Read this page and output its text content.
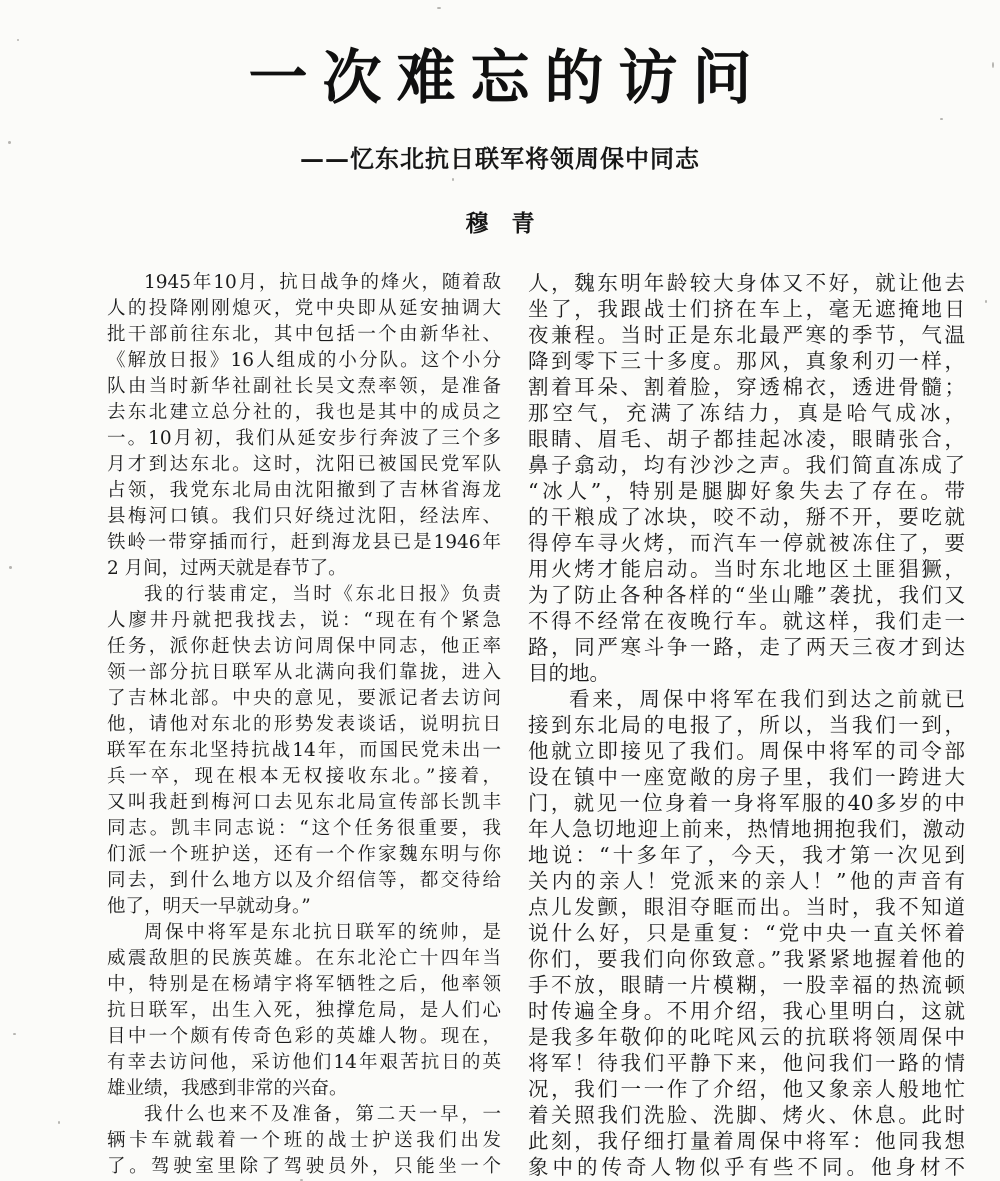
一次难忘的访问
——忆东北抗日联军将领周保中同志
穆　青
1945年10月，抗日战争的烽火，随着敌
人的投降刚刚熄灭，党中央即从延安抽调大
批干部前往东北，其中包括一个由新华社、
《解放日报》16人组成的小分队。这个小分
队由当时新华社副社长吴文焘率领，是准备
去东北建立总分社的，我也是其中的成员之
一。10月初，我们从延安步行奔波了三个多
月才到达东北。这时，沈阳已被国民党军队
占领，我党东北局由沈阳撤到了吉林省海龙
县梅河口镇。我们只好绕过沈阳，经法库、
铁岭一带穿插而行，赶到海龙县已是1946年
2 月间，过两天就是春节了。
我的行装甫定，当时《东北日报》负责
人廖井丹就把我找去，说：“现在有个紧急
任务，派你赶快去访问周保中同志，他正率
领一部分抗日联军从北满向我们靠拢，进入
了吉林北部。中央的意见，要派记者去访问
他，请他对东北的形势发表谈话，说明抗日
联军在东北坚持抗战14年，而国民党未出一
兵一卒，现在根本无权接收东北。”接着，
又叫我赶到梅河口去见东北局宣传部长凯丰
同志。凯丰同志说：“这个任务很重要，我
们派一个班护送，还有一个作家魏东明与你
同去，到什么地方以及介绍信等，都交待给
他了，明天一早就动身。”
周保中将军是东北抗日联军的统帅，是
威震敌胆的民族英雄。在东北沦亡十四年当
中，特别是在杨靖宇将军牺牲之后，他率领
抗日联军，出生入死，独撑危局，是人们心
目中一个颇有传奇色彩的英雄人物。现在，
有幸去访问他，采访他们14年艰苦抗日的英
雄业绩，我感到非常的兴奋。
我什么也来不及准备，第二天一早，一
辆卡车就载着一个班的战士护送我们出发
了。驾驶室里除了驾驶员外，只能坐一个
人，魏东明年龄较大身体又不好，就让他去
坐了，我跟战士们挤在车上，毫无遮掩地日
夜兼程。当时正是东北最严寒的季节，气温
降到零下三十多度。那风，真象利刃一样，
割着耳朵、割着脸，穿透棉衣，透进骨髓；
那空气，充满了冻结力，真是哈气成冰，
眼睛、眉毛、胡子都挂起冰凌，眼睛张合，
鼻子翕动，均有沙沙之声。我们简直冻成了
“冰人”，特别是腿脚好象失去了存在。带
的干粮成了冰块，咬不动，掰不开，要吃就
得停车寻火烤，而汽车一停就被冻住了，要
用火烤才能启动。当时东北地区土匪猖獗，
为了防止各种各样的“坐山雕”袭扰，我们又
不得不经常在夜晚行车。就这样，我们走一
路，同严寒斗争一路，走了两天三夜才到达
目的地。
看来，周保中将军在我们到达之前就已
接到东北局的电报了，所以，当我们一到，
他就立即接见了我们。周保中将军的司令部
设在镇中一座宽敞的房子里，我们一跨进大
门，就见一位身着一身将军服的40多岁的中
年人急切地迎上前来，热情地拥抱我们，激动
地说：“十多年了，今天，我才第一次见到
关内的亲人！党派来的亲人！”他的声音有
点儿发颤，眼泪夺眶而出。当时，我不知道
说什么好，只是重复：“党中央一直关怀着
你们，要我们向你致意。”我紧紧地握着他的
手不放，眼睛一片模糊，一股幸福的热流顿
时传遍全身。不用介绍，我心里明白，这就
是我多年敬仰的叱咤风云的抗联将领周保中
将军！待我们平静下来，他问我们一路的情
况，我们一一作了介绍，他又象亲人般地忙
着关照我们洗脸、洗脚、烤火、休息。此时
此刻，我仔细打量着周保中将军：他同我想
象中的传奇人物似乎有些不同。他身材不
